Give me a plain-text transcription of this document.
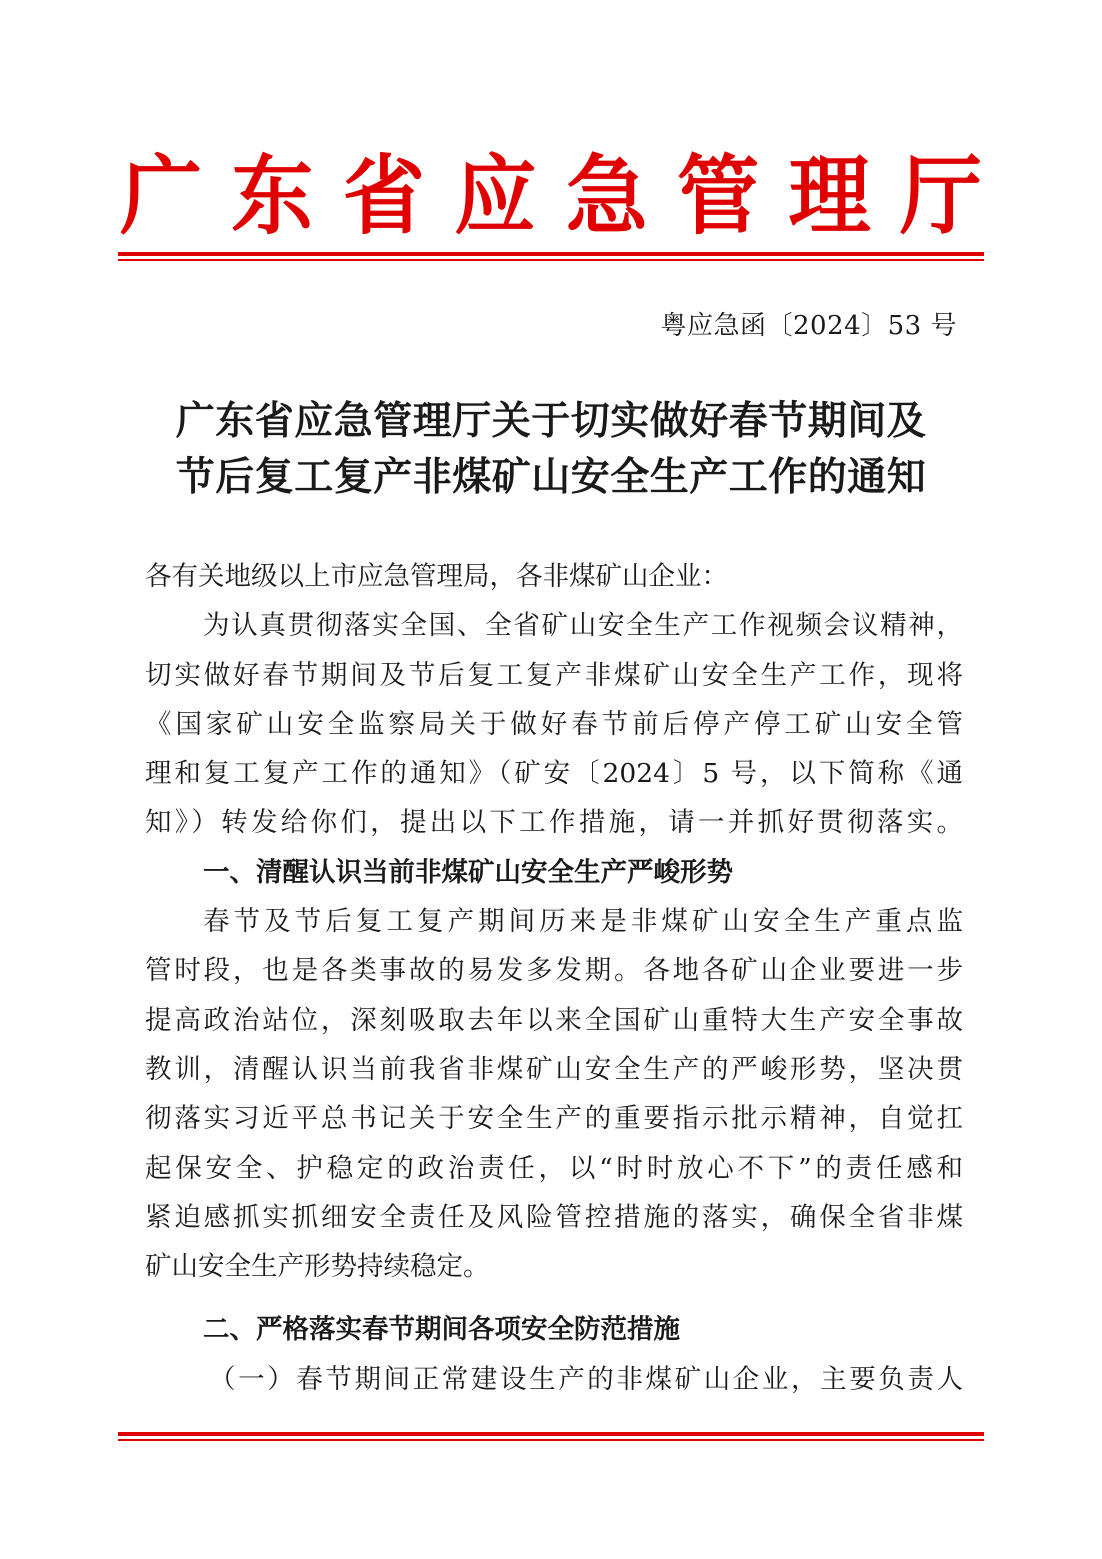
广 东 省 应 急 管 理 厅
粤应急函〔2024〕53 号
广东省应急管理厅关于切实做好春节期间及
节后复工复产非煤矿山安全生产工作的通知
各有关地级以上市应急管理局，各非煤矿山企业：
为认真贯彻落实全国、全省矿山安全生产工作视频会议精神，
切实做好春节期间及节后复工复产非煤矿山安全生产工作，现将
《国家矿山安全监察局关于做好春节前后停产停工矿山安全管
理和复工复产工作的通知》（矿安〔2024〕5 号，以下简称《通
知》）转发给你们，提出以下工作措施，请一并抓好贯彻落实。
一、清醒认识当前非煤矿山安全生产严峻形势
春节及节后复工复产期间历来是非煤矿山安全生产重点监
管时段，也是各类事故的易发多发期。各地各矿山企业要进一步
提高政治站位，深刻吸取去年以来全国矿山重特大生产安全事故
教训，清醒认识当前我省非煤矿山安全生产的严峻形势，坚决贯
彻落实习近平总书记关于安全生产的重要指示批示精神，自觉扛
起保安全、护稳定的政治责任，以“时时放心不下”的责任感和
紧迫感抓实抓细安全责任及风险管控措施的落实，确保全省非煤
矿山安全生产形势持续稳定。
二、严格落实春节期间各项安全防范措施
（一）春节期间正常建设生产的非煤矿山企业，主要负责人
